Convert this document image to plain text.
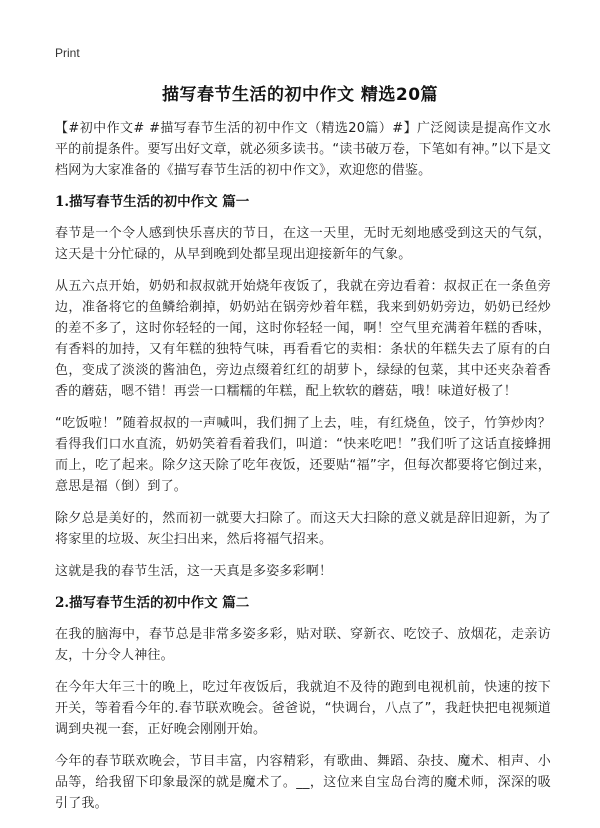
Print
描写春节生活的初中作文 精选20篇

【#初中作文# #描写春节生活的初中作文（精选20篇）#】广泛阅读是提高作文水平的前提条件。要写出好文章，就必须多读书。“读书破万卷，下笔如有神。”以下是文档网为大家准备的《描写春节生活的初中作文》，欢迎您的借鉴。

1.描写春节生活的初中作文 篇一

春节是一个令人感到快乐喜庆的节日，在这一天里，无时无刻地感受到这天的气氛，这天是十分忙碌的，从早到晚到处都呈现出迎接新年的气象。

从五六点开始，奶奶和叔叔就开始烧年夜饭了，我就在旁边看着：叔叔正在一条鱼旁边，准备将它的鱼鳞给剃掉，奶奶站在锅旁炒着年糕，我来到奶奶旁边，奶奶已经炒的差不多了，这时你轻轻的一闻，这时你轻轻一闻，啊！空气里充满着年糕的香味，有香料的加持，又有年糕的独特气味，再看看它的卖相：条状的年糕失去了原有的白色，变成了淡淡的酱油色，旁边点缀着红红的胡萝卜，绿绿的包菜，其中还夹杂着香香的蘑菇，嗯不错！再尝一口糯糯的年糕，配上软软的蘑菇，哦！味道好极了！

“吃饭啦！”随着叔叔的一声喊叫，我们拥了上去，哇，有红烧鱼，饺子，竹笋炒肉？看得我们口水直流，奶奶笑着看着我们，叫道：“快来吃吧！”我们听了这话直接蜂拥而上，吃了起来。除夕这天除了吃年夜饭，还要贴“福”字，但每次都要将它倒过来，意思是福（倒）到了。

除夕总是美好的，然而初一就要大扫除了。而这天大扫除的意义就是辞旧迎新，为了将家里的垃圾、灰尘扫出来，然后将福气招来。

这就是我的春节生活，这一天真是多姿多彩啊！

2.描写春节生活的初中作文 篇二

在我的脑海中，春节总是非常多姿多彩，贴对联、穿新衣、吃饺子、放烟花，走亲访友，十分令人神往。

在今年大年三十的晚上，吃过年夜饭后，我就迫不及待的跑到电视机前，快速的按下开关，等着看今年的.春节联欢晚会。爸爸说，“快调台，八点了”，我赶快把电视频道调到央视一套，正好晚会刚刚开始。

今年的春节联欢晚会，节目丰富，内容精彩，有歌曲、舞蹈、杂技、魔术、相声、小品等，给我留下印象最深的就是魔术了。__，这位来自宝岛台湾的魔术师，深深的吸引了我。
